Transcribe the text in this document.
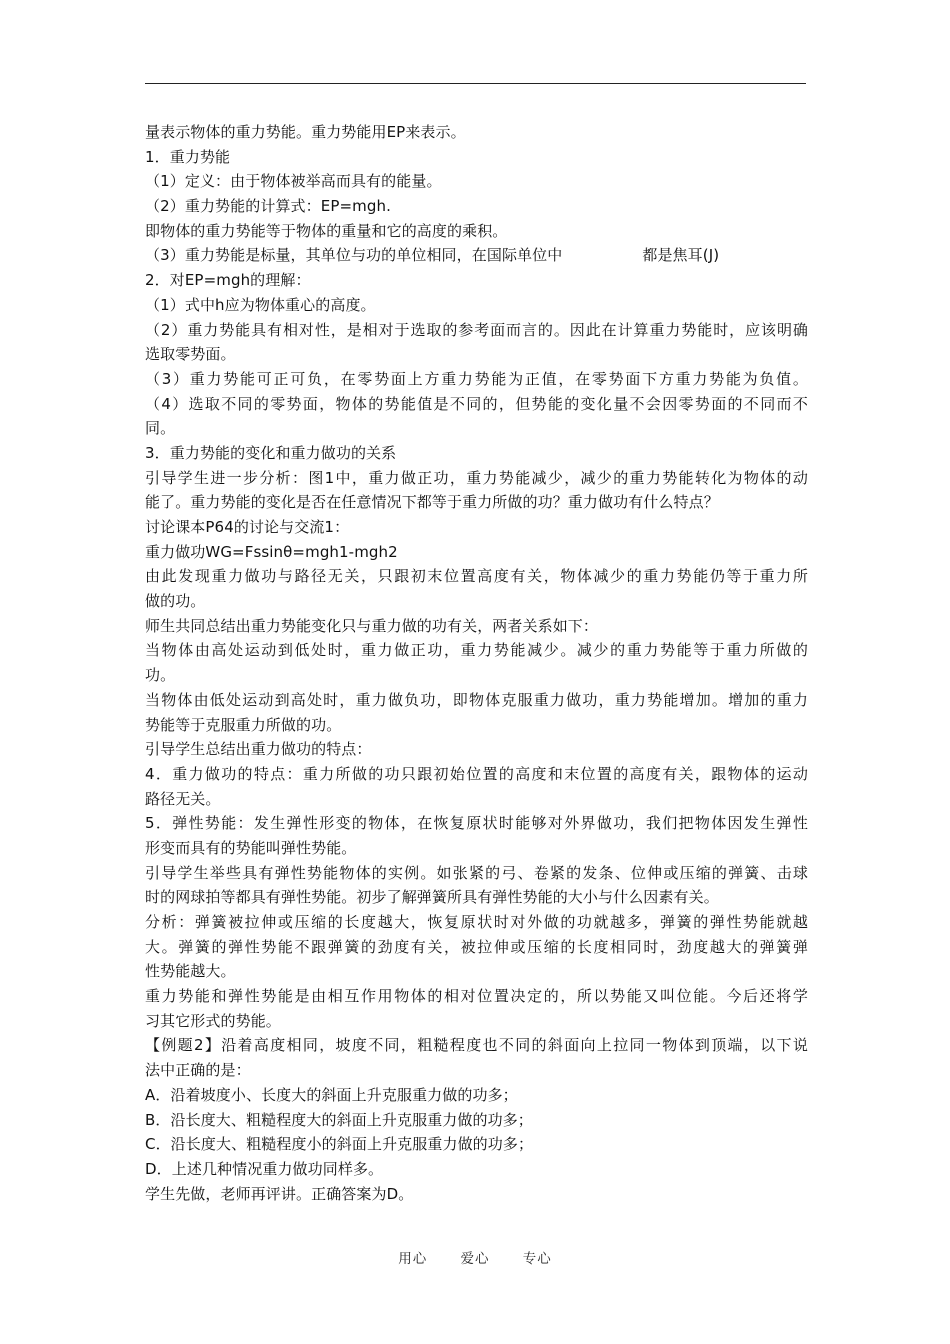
量表示物体的重力势能。重力势能用EP来表示。
1．重力势能
（1）定义：由于物体被举高而具有的能量。
（2）重力势能的计算式：EP=mgh.
即物体的重力势能等于物体的重量和它的高度的乘积。
（3）重力势能是标量，其单位与功的单位相同，在国际单位中	都是焦耳(J)
2．对EP=mgh的理解：
（1）式中h应为物体重心的高度。
（2）重力势能具有相对性，是相对于选取的参考面而言的。因此在计算重力势能时，应该明确
选取零势面。
（3）重力势能可正可负，在零势面上方重力势能为正值，在零势面下方重力势能为负值。
（4）选取不同的零势面，物体的势能值是不同的，但势能的变化量不会因零势面的不同而不
同。
3．重力势能的变化和重力做功的关系
引导学生进一步分析：图1中，重力做正功，重力势能减少，减少的重力势能转化为物体的动
能了。重力势能的变化是否在任意情况下都等于重力所做的功？重力做功有什么特点？
讨论课本P64的讨论与交流1：
重力做功WG=Fssinθ=mgh1-mgh2
由此发现重力做功与路径无关，只跟初末位置高度有关，物体减少的重力势能仍等于重力所
做的功。
师生共同总结出重力势能变化只与重力做的功有关，两者关系如下：
当物体由高处运动到低处时，重力做正功，重力势能减少。减少的重力势能等于重力所做的
功。
当物体由低处运动到高处时，重力做负功，即物体克服重力做功，重力势能增加。增加的重力
势能等于克服重力所做的功。
引导学生总结出重力做功的特点：
4．重力做功的特点：重力所做的功只跟初始位置的高度和末位置的高度有关，跟物体的运动
路径无关。
5．弹性势能：发生弹性形变的物体，在恢复原状时能够对外界做功，我们把物体因发生弹性
形变而具有的势能叫弹性势能。
引导学生举些具有弹性势能物体的实例。如张紧的弓、卷紧的发条、位伸或压缩的弹簧、击球
时的网球拍等都具有弹性势能。初步了解弹簧所具有弹性势能的大小与什么因素有关。
分析：弹簧被拉伸或压缩的长度越大，恢复原状时对外做的功就越多，弹簧的弹性势能就越
大。弹簧的弹性势能不跟弹簧的劲度有关，被拉伸或压缩的长度相同时，劲度越大的弹簧弹
性势能越大。
重力势能和弹性势能是由相互作用物体的相对位置决定的，所以势能又叫位能。今后还将学
习其它形式的势能。
【例题2】沿着高度相同，坡度不同，粗糙程度也不同的斜面向上拉同一物体到顶端，以下说
法中正确的是：
A．沿着坡度小、长度大的斜面上升克服重力做的功多；
B．沿长度大、粗糙程度大的斜面上升克服重力做的功多；
C．沿长度大、粗糙程度小的斜面上升克服重力做的功多；
D．上述几种情况重力做功同样多。
学生先做，老师再评讲。正确答案为D。
用心 爱心 专心
